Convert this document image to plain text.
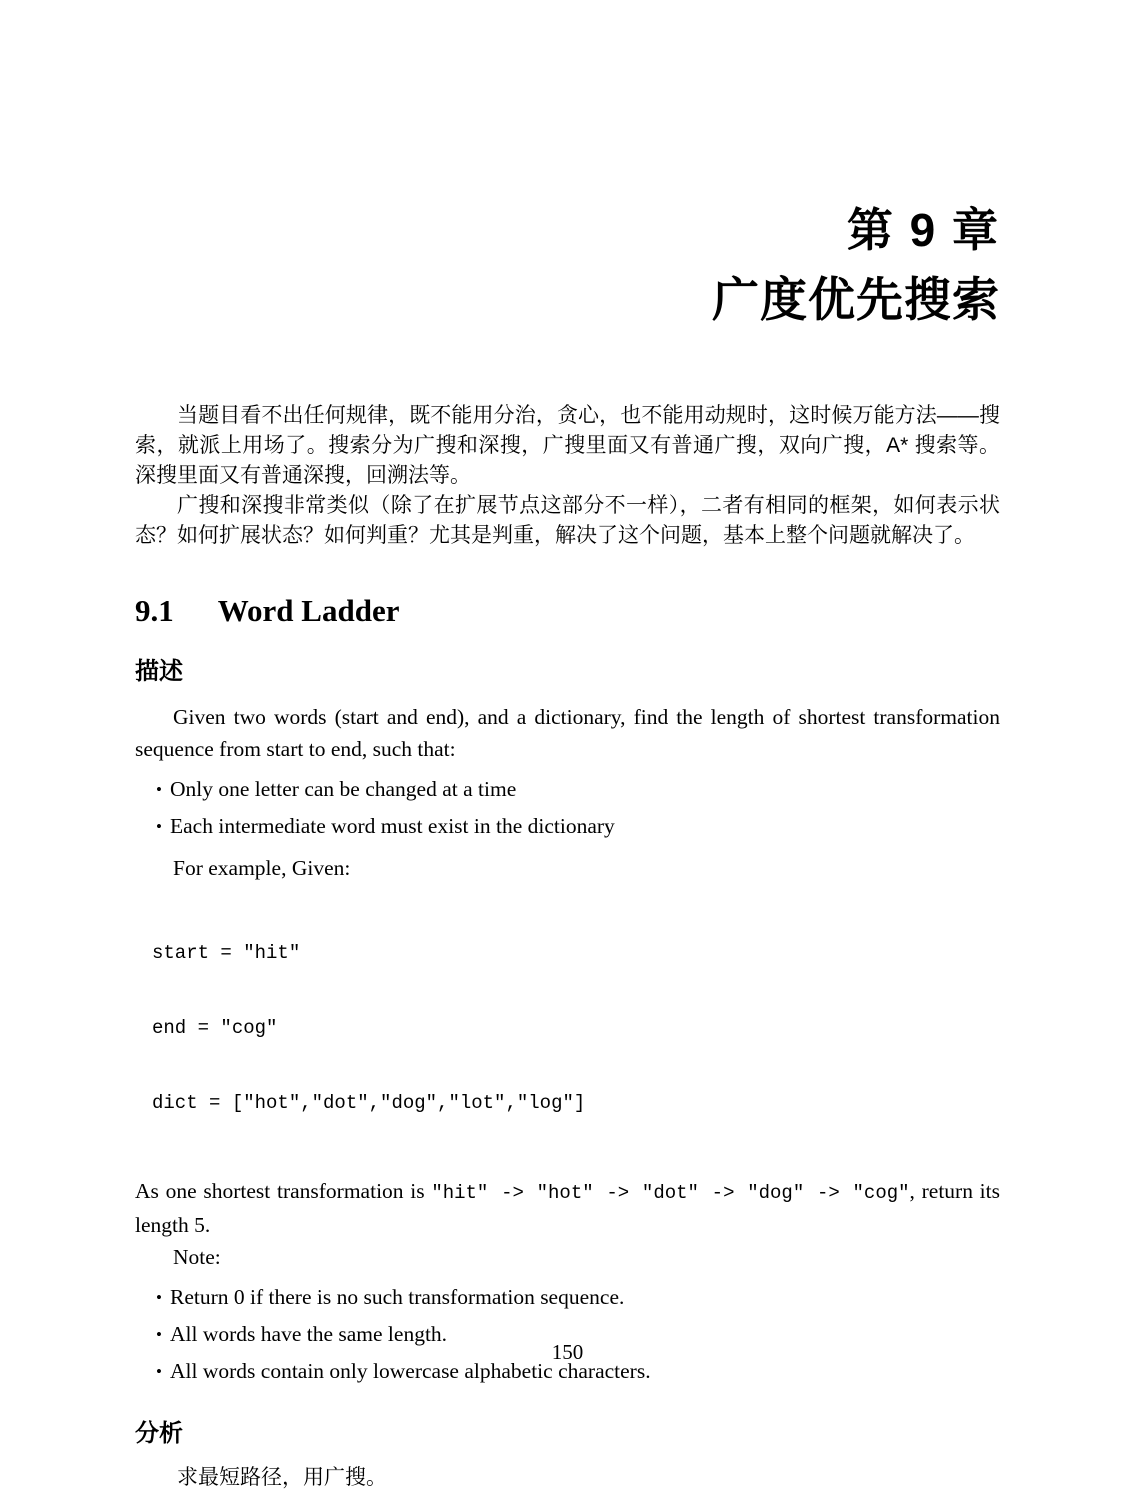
第 9 章
广度优先搜索

当题目看不出任何规律，既不能用分治，贪心，也不能用动规时，这时候万能方法——搜索，就派上用场了。搜索分为广搜和深搜，广搜里面又有普通广搜，双向广搜，A* 搜索等。深搜里面又有普通深搜，回溯法等。

广搜和深搜非常类似（除了在扩展节点这部分不一样），二者有相同的框架，如何表示状态？如何扩展状态？如何判重？尤其是判重，解决了这个问题，基本上整个问题就解决了。

9.1 Word Ladder
描述

Given two words (start and end), and a dictionary, find the length of shortest transformation sequence from start to end, such that:

• Only one letter can be changed at a time
• Each intermediate word must exist in the dictionary

For example, Given:

start = "hit"

end = "cog"

dict = ["hot","dot","dog","lot","log"]

As one shortest transformation is "hit" -> "hot" -> "dot" -> "dog" -> "cog", return its length 5.

Note:

• Return 0 if there is no such transformation sequence.
• All words have the same length.
• All words contain only lowercase alphabetic characters.
分析

求最短路径，用广搜。

150
